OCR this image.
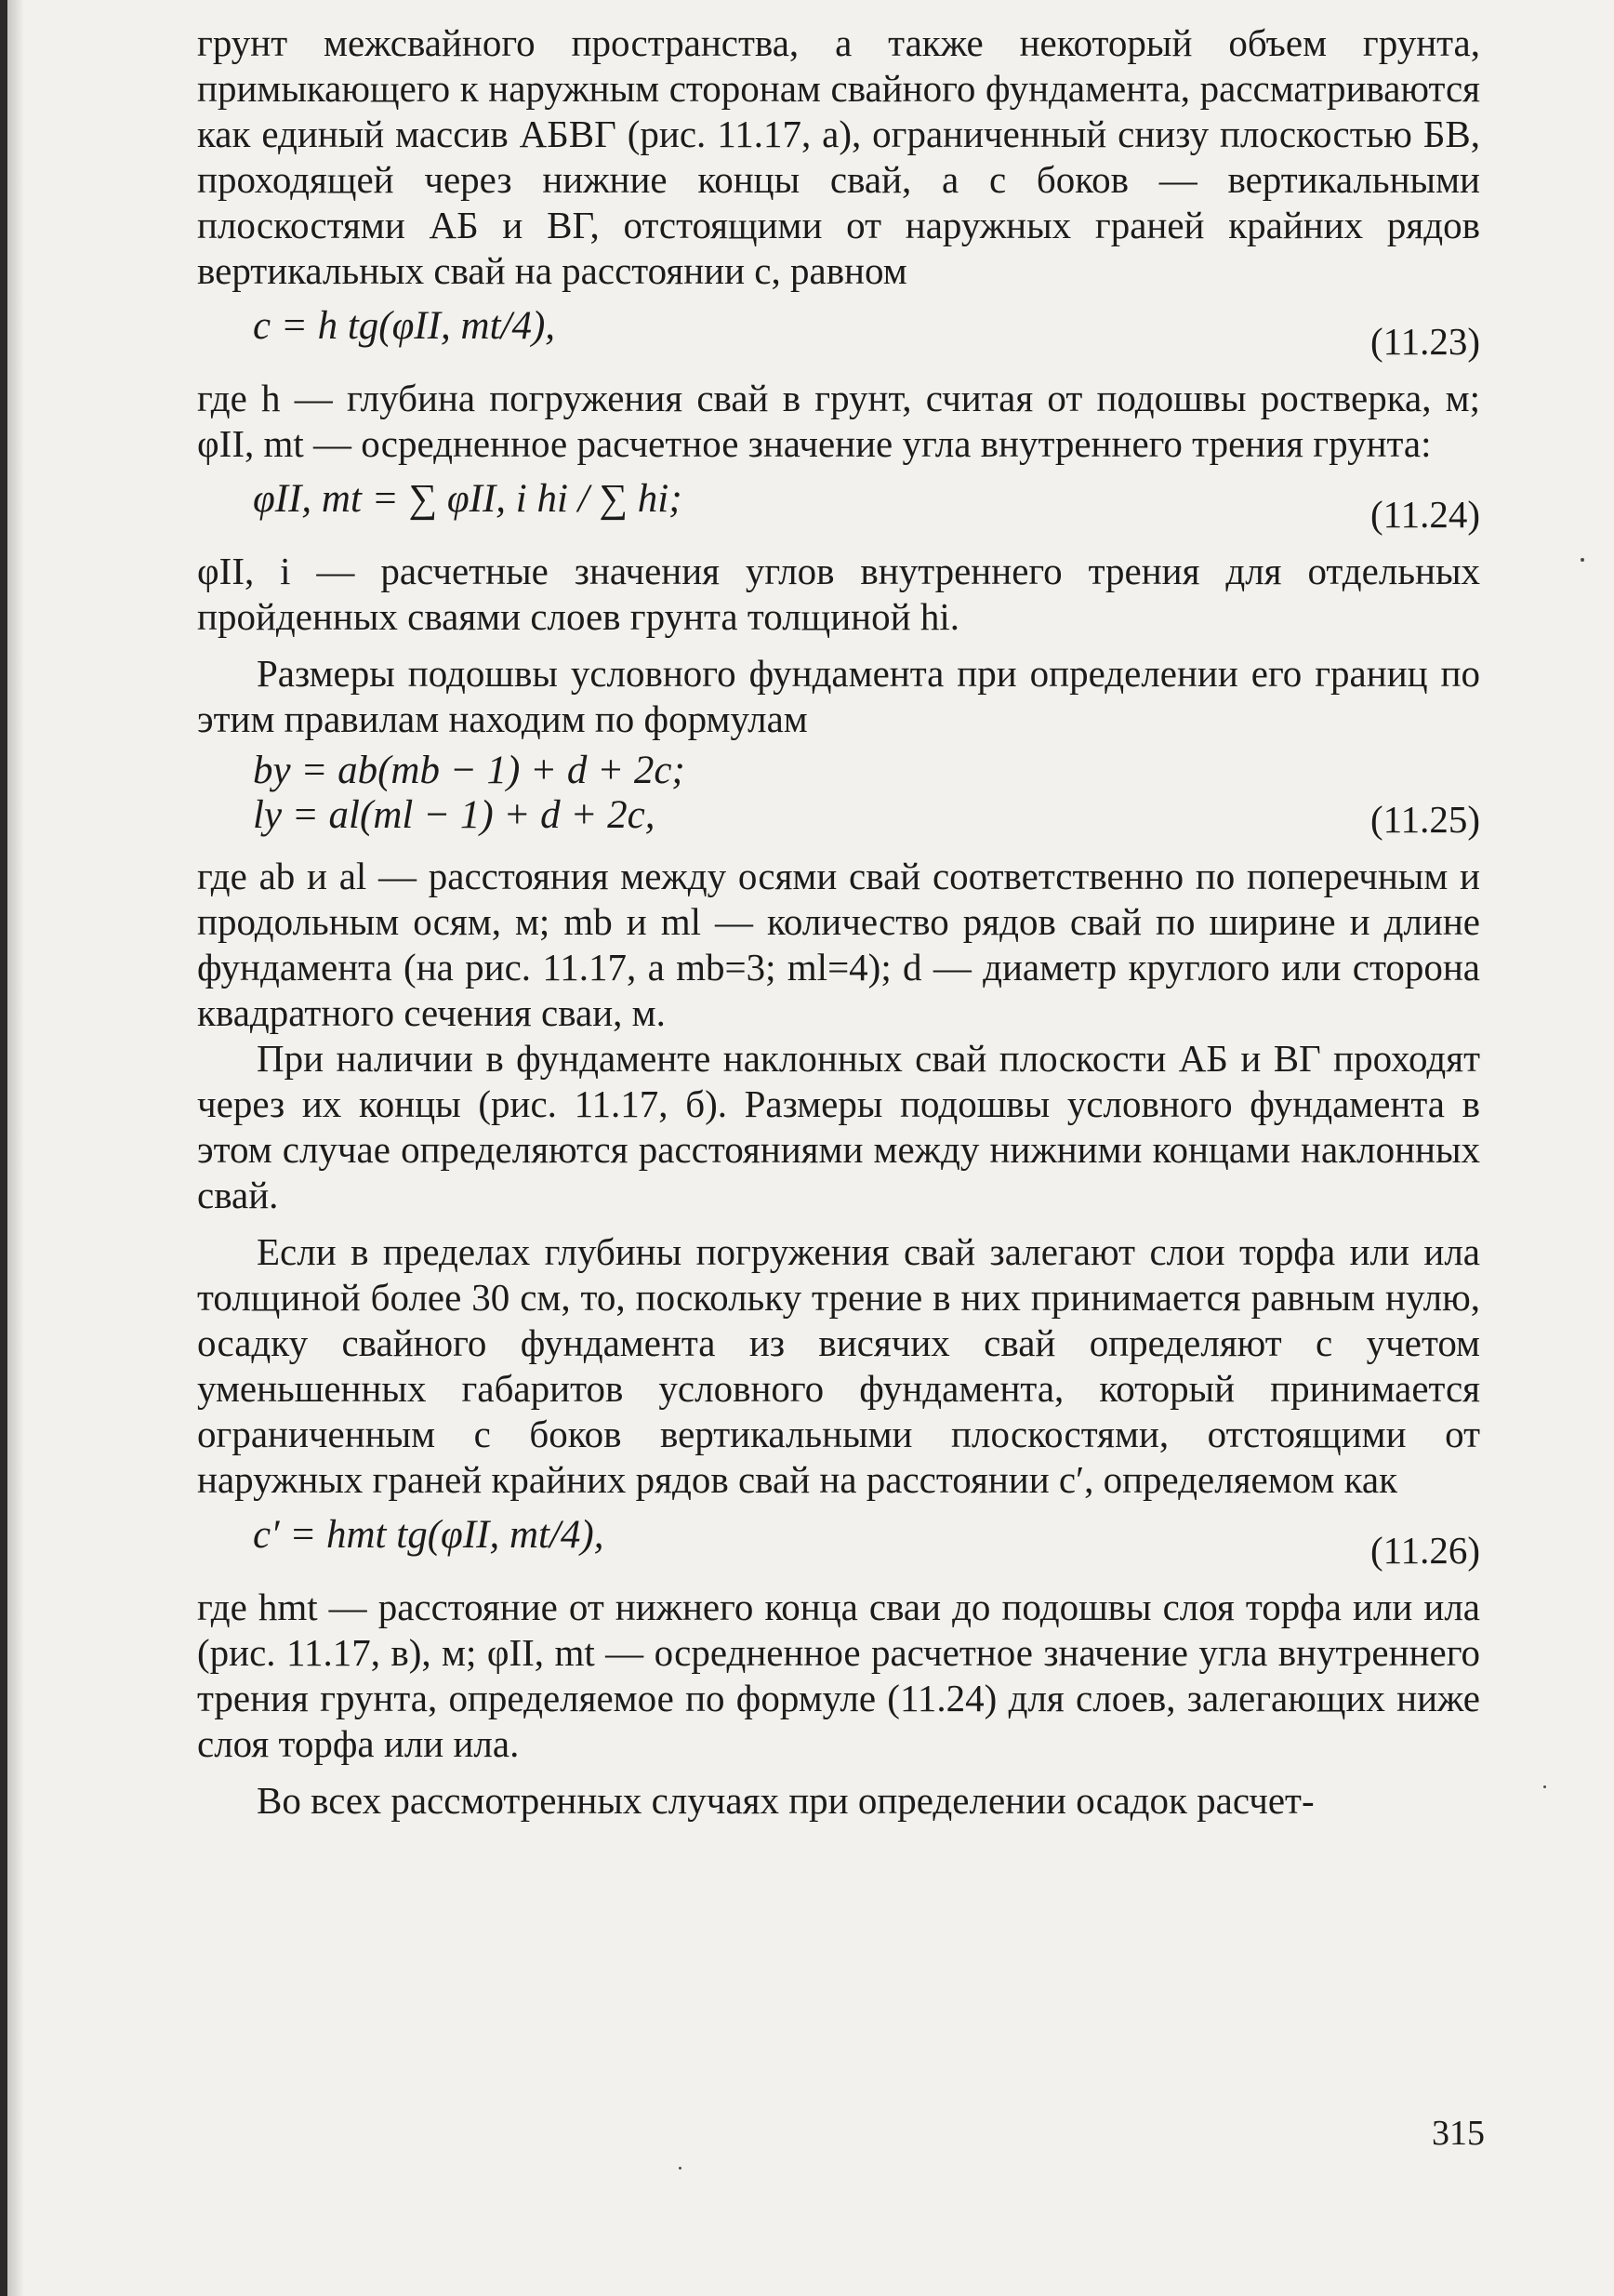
грунт межсвайного пространства, а также некоторый объем грунта, примыкающего к наружным сторонам свайного фундамента, рассматриваются как единый массив АБВГ (рис. 11.17, а), ограниченный снизу плоскостью БВ, проходящей через нижние концы свай, а с боков — вертикальными плоскостями АБ и ВГ, отстоящими от наружных граней крайних рядов вертикальных свай на расстоянии c, равном

c = h tg(φII, mt/4),	(11.23)

где h — глубина погружения свай в грунт, считая от подошвы ростверка, м; φII, mt — осредненное расчетное значение угла внутреннего трения грунта:

φII, mt = ∑ φII, i hi / ∑ hi;	(11.24)

φII, i — расчетные значения углов внутреннего трения для отдельных пройденных сваями слоев грунта толщиной hi.

Размеры подошвы условного фундамента при определении его границ по этим правилам находим по формулам

bу = ab(mb − 1) + d + 2c;
lу = al(ml − 1) + d + 2c,	(11.25)

где ab и al — расстояния между осями свай соответственно по поперечным и продольным осям, м; mb и ml — количество рядов свай по ширине и длине фундамента (на рис. 11.17, а mb=3; ml=4); d — диаметр круглого или сторона квадратного сечения сваи, м.

При наличии в фундаменте наклонных свай плоскости АБ и ВГ проходят через их концы (рис. 11.17, б). Размеры подошвы условного фундамента в этом случае определяются расстояниями между нижними концами наклонных свай.

Если в пределах глубины погружения свай залегают слои торфа или ила толщиной более 30 см, то, поскольку трение в них принимается равным нулю, осадку свайного фундамента из висячих свай определяют с учетом уменьшенных габаритов условного фундамента, который принимается ограниченным с боков вертикальными плоскостями, отстоящими от наружных граней крайних рядов свай на расстоянии c′, определяемом как

c′ = hmt tg(φII, mt/4),	(11.26)

где hmt — расстояние от нижнего конца сваи до подошвы слоя торфа или ила (рис. 11.17, в), м; φII, mt — осредненное расчетное значение угла внутреннего трения грунта, определяемое по формуле (11.24) для слоев, залегающих ниже слоя торфа или ила.

Во всех рассмотренных случаях при определении осадок расчет-

315
